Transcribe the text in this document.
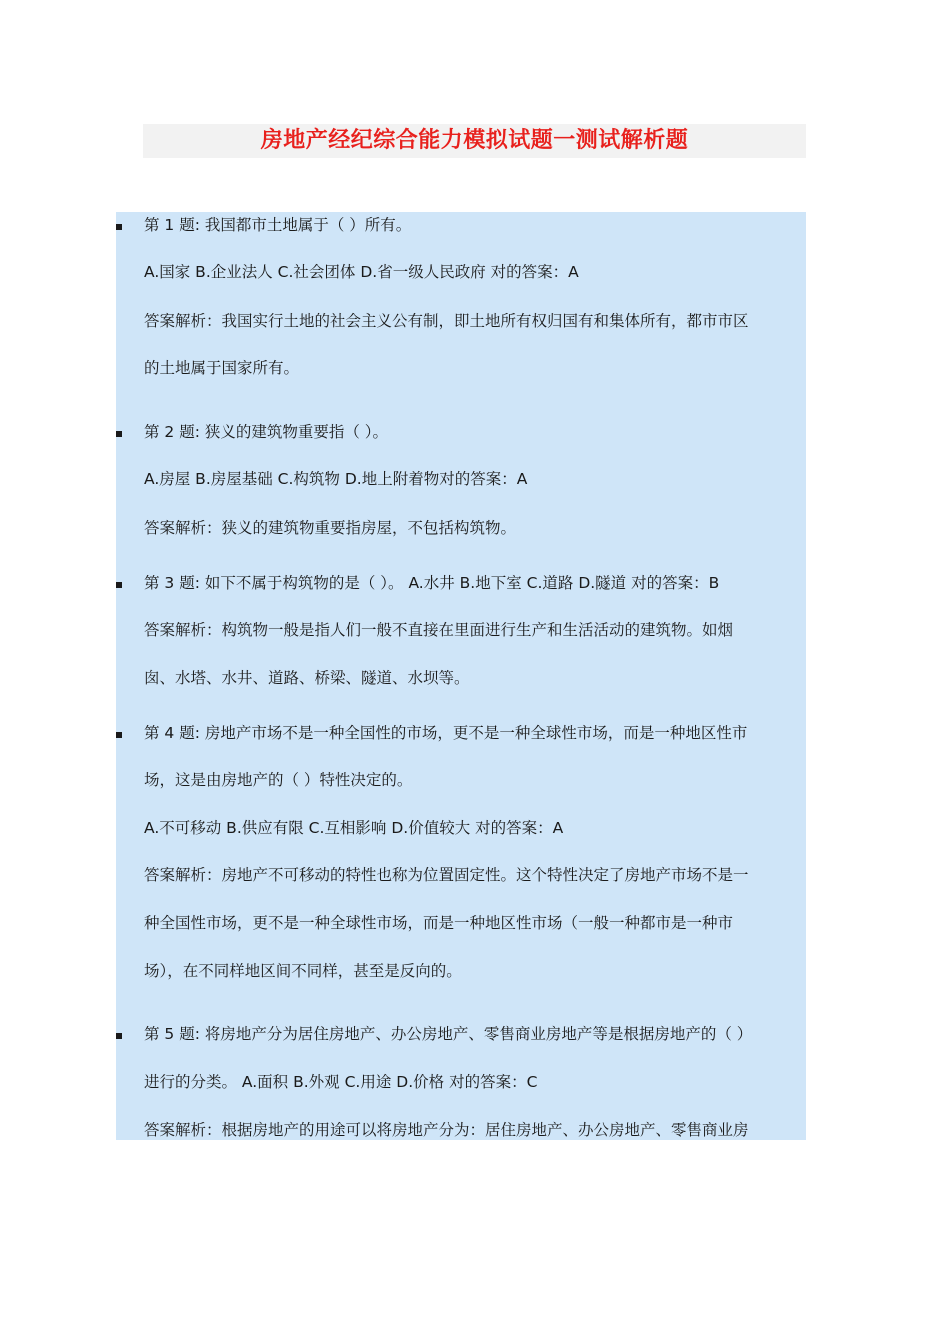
房地产经纪综合能力模拟试题一测试解析题
第 1 题: 我国都市土地属于（ ）所有。
A.国家 B.企业法人 C.社会团体 D.省一级人民政府 对的答案：A
答案解析：我国实行土地的社会主义公有制，即土地所有权归国有和集体所有，都市市区
的土地属于国家所有。
第 2 题: 狭义的建筑物重要指（ ）。
A.房屋 B.房屋基础 C.构筑物 D.地上附着物对的答案：A
答案解析：狭义的建筑物重要指房屋，不包括构筑物。
第 3 题: 如下不属于构筑物的是（ ）。 A.水井 B.地下室 C.道路 D.隧道 对的答案：B
答案解析：构筑物一般是指人们一般不直接在里面进行生产和生活活动的建筑物。如烟
囱、水塔、水井、道路、桥梁、隧道、水坝等。
第 4 题: 房地产市场不是一种全国性的市场，更不是一种全球性市场，而是一种地区性市
场，这是由房地产的（ ）特性决定的。
A.不可移动 B.供应有限 C.互相影响 D.价值较大 对的答案：A
答案解析：房地产不可移动的特性也称为位置固定性。这个特性决定了房地产市场不是一
种全国性市场，更不是一种全球性市场，而是一种地区性市场（一般一种都市是一种市
场），在不同样地区间不同样，甚至是反向的。
第 5 题: 将房地产分为居住房地产、办公房地产、零售商业房地产等是根据房地产的（ ）
进行的分类。 A.面积 B.外观 C.用途 D.价格 对的答案：C
答案解析：根据房地产的用途可以将房地产分为：居住房地产、办公房地产、零售商业房
